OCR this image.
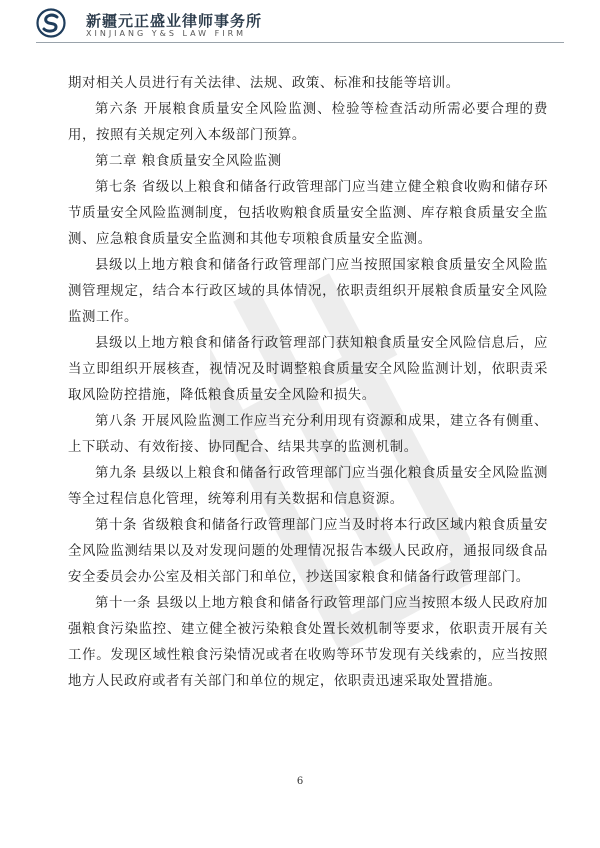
新疆元正盛业律师事务所
XINJIANG Y&S LAW FIRM

期对相关人员进行有关法律、法规、政策、标准和技能等培训。

第六条 开展粮食质量安全风险监测、检验等检查活动所需必要合理的费用，按照有关规定列入本级部门预算。

第二章 粮食质量安全风险监测

第七条 省级以上粮食和储备行政管理部门应当建立健全粮食收购和储存环节质量安全风险监测制度，包括收购粮食质量安全监测、库存粮食质量安全监测、应急粮食质量安全监测和其他专项粮食质量安全监测。

县级以上地方粮食和储备行政管理部门应当按照国家粮食质量安全风险监测管理规定，结合本行政区域的具体情况，依职责组织开展粮食质量安全风险监测工作。

县级以上地方粮食和储备行政管理部门获知粮食质量安全风险信息后，应当立即组织开展核查，视情况及时调整粮食质量安全风险监测计划，依职责采取风险防控措施，降低粮食质量安全风险和损失。

第八条 开展风险监测工作应当充分利用现有资源和成果，建立各有侧重、上下联动、有效衔接、协同配合、结果共享的监测机制。

第九条 县级以上粮食和储备行政管理部门应当强化粮食质量安全风险监测等全过程信息化管理，统筹利用有关数据和信息资源。

第十条 省级粮食和储备行政管理部门应当及时将本行政区域内粮食质量安全风险监测结果以及对发现问题的处理情况报告本级人民政府，通报同级食品安全委员会办公室及相关部门和单位，抄送国家粮食和储备行政管理部门。

第十一条 县级以上地方粮食和储备行政管理部门应当按照本级人民政府加强粮食污染监控、建立健全被污染粮食处置长效机制等要求，依职责开展有关工作。发现区域性粮食污染情况或者在收购等环节发现有关线索的，应当按照地方人民政府或者有关部门和单位的规定，依职责迅速采取处置措施。

6
